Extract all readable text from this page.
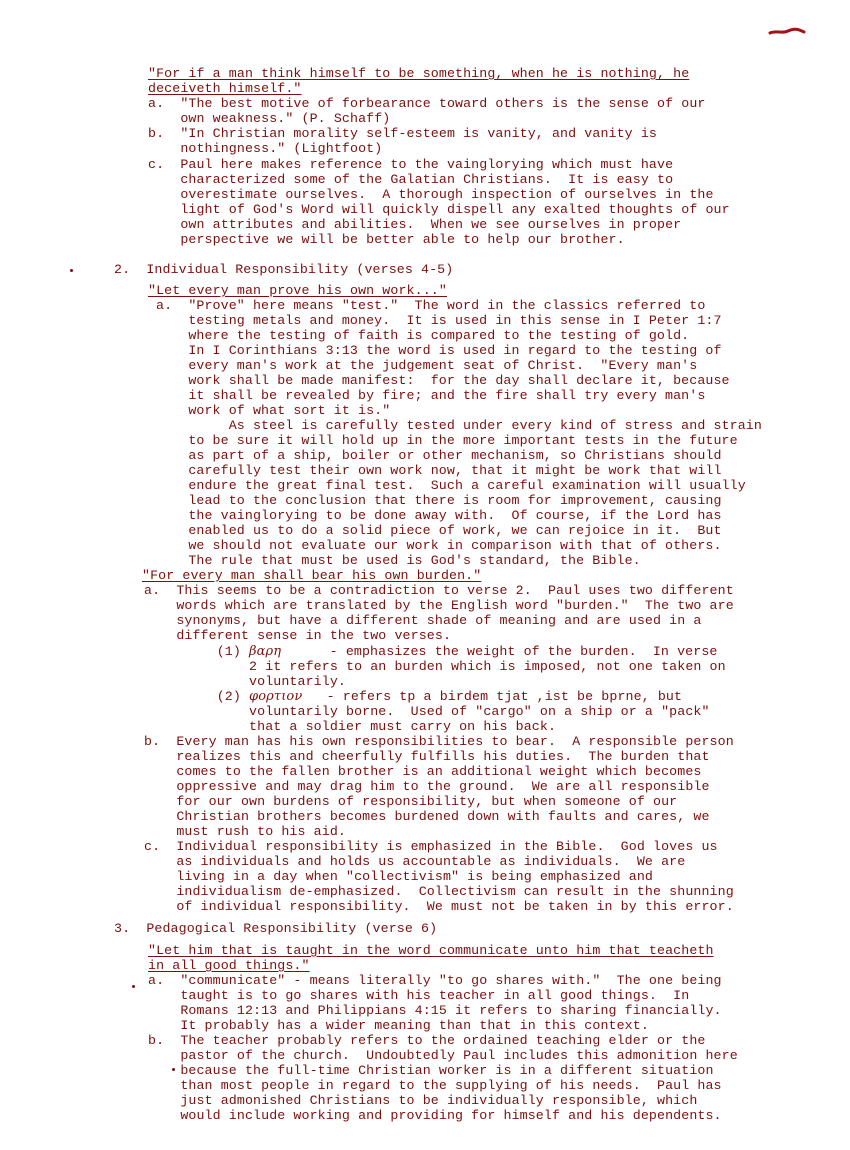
"For if a man think himself to be something, when he is nothing, he
deceiveth himself."
a.  "The best motive of forbearance toward others is the sense of our
own weakness." (P. Schaff)
b.  "In Christian morality self-esteem is vanity, and vanity is
nothingness." (Lightfoot)
c.  Paul here makes reference to the vainglorying which must have
characterized some of the Galatian Christians.  It is easy to
overestimate ourselves.  A thorough inspection of ourselves in the
light of God's Word will quickly dispell any exalted thoughts of our
own attributes and abilities.  When we see ourselves in proper
perspective we will be better able to help our brother.
2.  Individual Responsibility (verses 4-5)
"Let every man prove his own work..."
a.  "Prove" here means "test."  The word in the classics referred to
testing metals and money.  It is used in this sense in I Peter 1:7
where the testing of faith is compared to the testing of gold.
In I Corinthians 3:13 the word is used in regard to the testing of
every man's work at the judgement seat of Christ.  "Every man's
work shall be made manifest:  for the day shall declare it, because
it shall be revealed by fire; and the fire shall try every man's
work of what sort it is."
As steel is carefully tested under every kind of stress and strain
to be sure it will hold up in the more important tests in the future
as part of a ship, boiler or other mechanism, so Christians should
carefully test their own work now, that it might be work that will
endure the great final test.  Such a careful examination will usually
lead to the conclusion that there is room for improvement, causing
the vainglorying to be done away with.  Of course, if the Lord has
enabled us to do a solid piece of work, we can rejoice in it.  But
we should not evaluate our work in comparison with that of others.
The rule that must be used is God's standard, the Bible.
"For every man shall bear his own burden."
a.  This seems to be a contradiction to verse 2.  Paul uses two different
words which are translated by the English word "burden."  The two are
synonyms, but have a different shade of meaning and are used in a
different sense in the two verses.
(1) βαρη      - emphasizes the weight of the burden.  In verse
2 it refers to an burden which is imposed, not one taken on
voluntarily.
(2) φορτιον   - refers tp a birdem tjat ,ist be bprne, but
voluntarily borne.  Used of "cargo" on a ship or a "pack"
that a soldier must carry on his back.
b.  Every man has his own responsibilities to bear.  A responsible person
realizes this and cheerfully fulfills his duties.  The burden that
comes to the fallen brother is an additional weight which becomes
oppressive and may drag him to the ground.  We are all responsible
for our own burdens of responsibility, but when someone of our
Christian brothers becomes burdened down with faults and cares, we
must rush to his aid.
c.  Individual responsibility is emphasized in the Bible.  God loves us
as individuals and holds us accountable as individuals.  We are
living in a day when "collectivism" is being emphasized and
individualism de-emphasized.  Collectivism can result in the shunning
of individual responsibility.  We must not be taken in by this error.
3.  Pedagogical Responsibility (verse 6)
"Let him that is taught in the word communicate unto him that teacheth
in all good things."
a.  "communicate" - means literally "to go shares with."  The one being
taught is to go shares with his teacher in all good things.  In
Romans 12:13 and Philippians 4:15 it refers to sharing financially.
It probably has a wider meaning than that in this context.
b.  The teacher probably refers to the ordained teaching elder or the
pastor of the church.  Undoubtedly Paul includes this admonition here
because the full-time Christian worker is in a different situation
than most people in regard to the supplying of his needs.  Paul has
just admonished Christians to be individually responsible, which
would include working and providing for himself and his dependents.
